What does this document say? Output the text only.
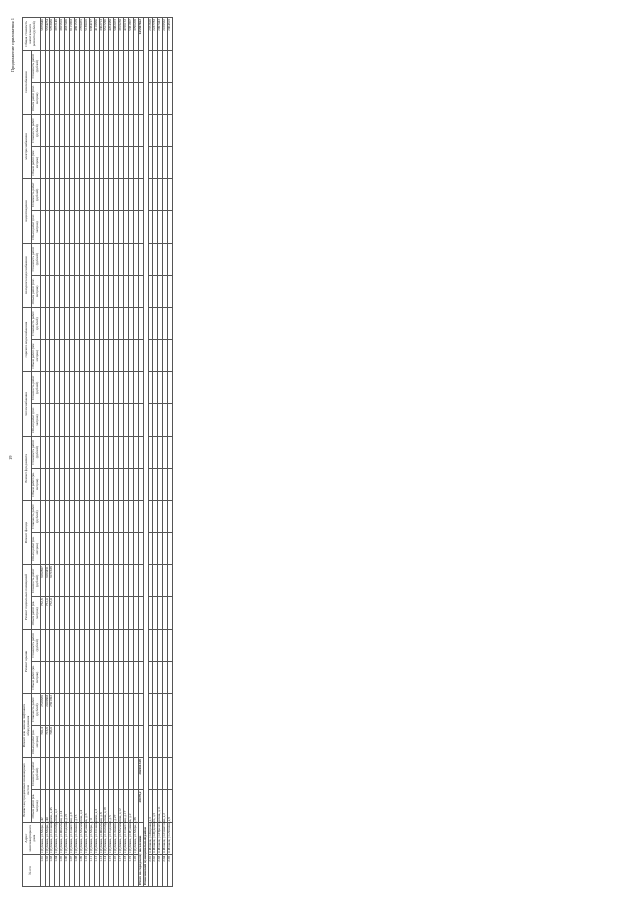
19
Продолжение приложения 1
№ п/п	Адрес многоквартирного дома	Ремонт внутридомовых инженерных систем		Ремонт или замена лифтового оборудования		Ремонт крыши		Ремонт подвальных помещений		Ремонт фасада		Ремонт фундамента		теплоснабжения		горячего водоснабжения		холодного водоснабжения		водоотведения		электроснабжения		газоснабжения		Общая стоимость капитального ремонта (рублей)
		Объем работ (кв. метров)	Стоимость работ (рублей)	Объем работ (кв. метров)	Стоимость работ (рублей)	Объем работ (кв. метров)	Стоимость работ (рублей)	Объем работ (кв. метров)	Стоимость работ (рублей)	Объем работ (кв. метров)	Стоимость работ (рублей)	Объем работ (кв. метров)	Стоимость работ (рублей)	Объем работ (пог. метров)	Стоимость работ (рублей)	Объем работ (пог. метров)	Стоимость работ (рублей)	Объем работ (пог. метров)	Стоимость работ (рублей)	Объем работ (пог. метров)	Стоимость работ (рублей)	Объем работ (пог. метров)	Стоимость работ (рублей)	Объем работ (пог. метров)	Стоимость работ (рублей)	
1.01	г.Дубовка, ул.Мира, д.42			741,4	2516839			752,8	3162807																	5679646
1.02	г.Дубовка, ул.Мира, д.44			716,8	2410803			751,4	3163451																	5574254
1.03	г.Дубовка, ул.Сплавщиков, д.45			746,0	2591392			752,4	3171638																	5763030
1.04	г.Дубовка, ул.Октябрьская, д.2																									3972149
1.05	г.Дубовка, ул.Школьная, д.14																									3925810
1.06	г.Дубовка, ул.Садовая, д.21																									4937469
1.07	г.Дубовка, ул.Советская, д.9																									6115903
1.08	г.Дубовка, ул.Ленина, д.15																									4891578
1.09	г.Дубовка, ул.Московская, д.4																									2768455
1.10	г.Дубовка, ул.Пушкина, д.6																									5130416
1.11	г.Дубовка, ул.Мира, д.11																									6384197
1.12	г.Дубовка, ул.Сплавщиков, д.3																									4110856
1.13	г.Дубовка, ул.Школьная, д.8																									3362713
1.14	г.Дубовка, ул.Октябрьская, д.19																									5517296
1.15	г.Дубовка, ул.Садовая, д.5																									4264380
1.16	г.Дубовка, ул.Ленина, д.27																									5082473
1.17	г.Дубовка, ул.Московская, д.12																									3918230
1.18	г.Дубовка, ул.Советская, д.17																									4726153
1.19	г.Дубовка, ул.Пушкина, д.2																									5381907
1.20	г.Дубовка, ул.Мира, д.38																									3796208
Итого по городскому поселению		28479,2	202661349																							615597022
Иловлинский муниципальный район																										
2.01	п.Иловля, ул.Кирова, д.3																									2372626
2.02	п.Иловля, ул.Буденного, д.5																									2237783
2.03	п.Иловля, ул.Пролетарская, д.11																									2097443
2.04	п.Иловля, ул.Советская, д.2																									2168562
2.05	п.Иловля, ул.Ленина, д.9																									2064818
